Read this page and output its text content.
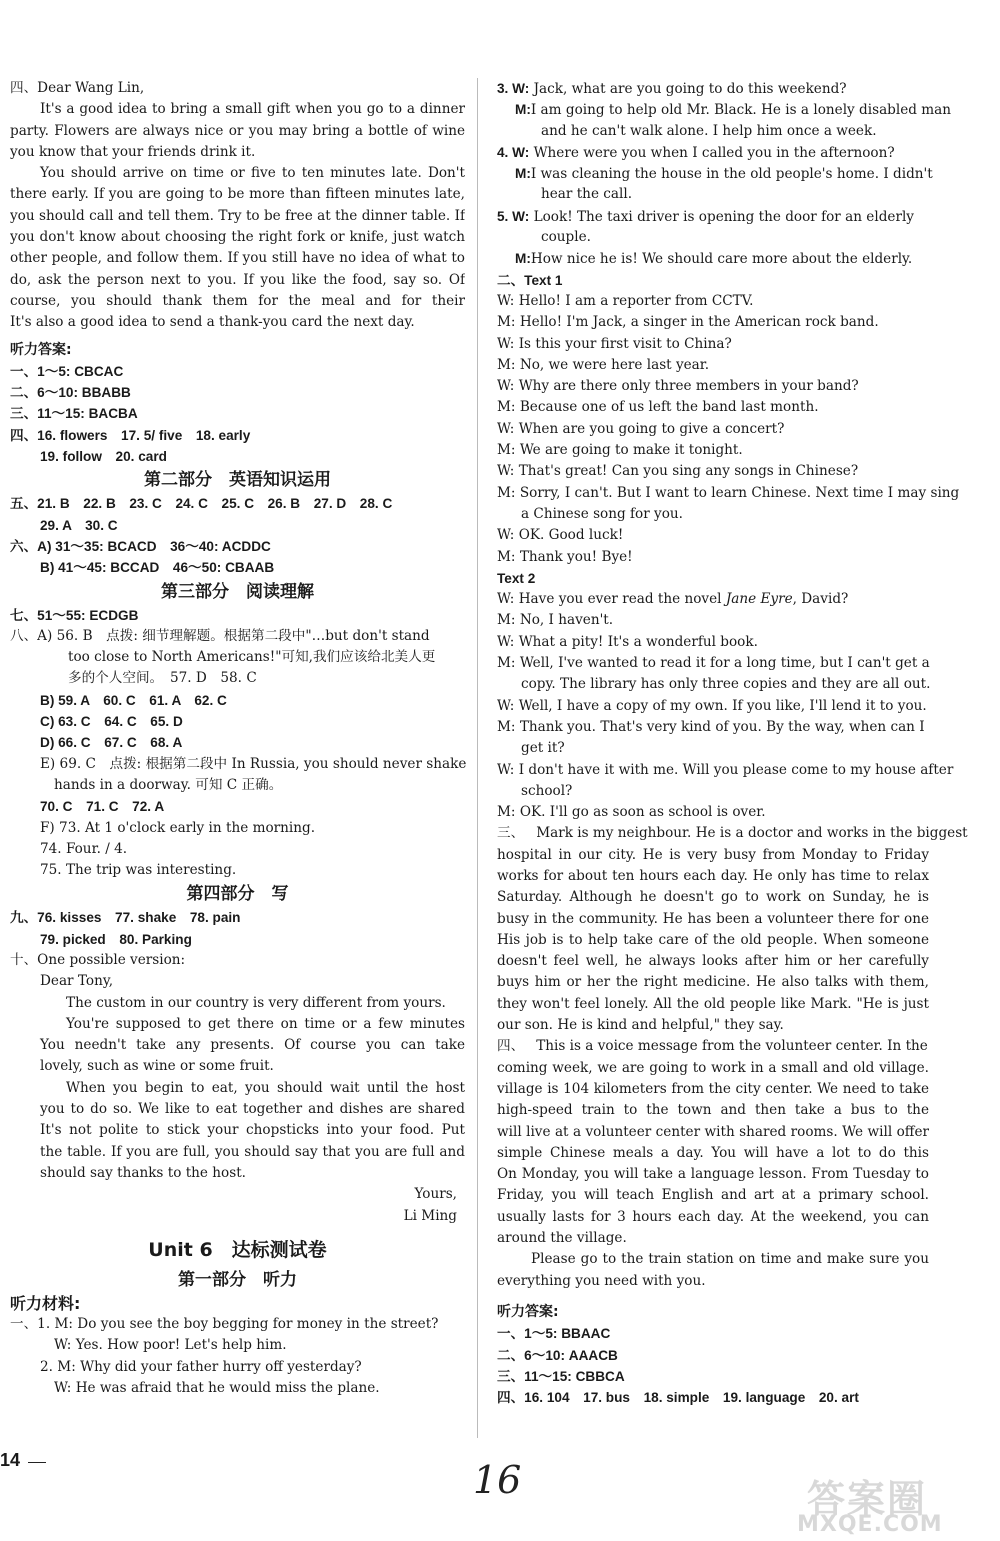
四、Dear Wang Lin,
It's a good idea to bring a small gift when you go to a dinner
party. Flowers are always nice or you may bring a bottle of wine
you know that your friends drink it.
You should arrive on time or five to ten minutes late. Don't
there early. If you are going to be more than fifteen minutes late,
you should call and tell them. Try to be free at the dinner table. If
you don't know about choosing the right fork or knife, just watch
other people, and follow them. If you still have no idea of what to
do, ask the person next to you. If you like the food, say so. Of
course, you should thank them for the meal and for their
It's also a good idea to send a thank-you card the next day.
听力答案:
一、1～5: CBCAC
二、6～10: BBABB
三、11～15: BACBA
四、16. flowers　17. 5/ five　18. early
19. follow　20. card
第二部分　英语知识运用
五、21. B　22. B　23. C　24. C　25. C　26. B　27. D　28. C
29. A　30. C
六、A) 31～35: BCACD　36～40: ACDDC
B) 41～45: BCCAD　46～50: CBAAB
第三部分　阅读理解
七、51～55: ECDGB
八、A) 56. B　点拨: 细节理解题。根据第二段中"…but don't stand
too close to North Americans!"可知,我们应该给北美人更
多的个人空间。　57. D　58. C
B) 59. A　60. C　61. A　62. C
C) 63. C　64. C　65. D
D) 66. C　67. C　68. A
E) 69. C　点拨: 根据第二段中 In Russia, you should never shake
hands in a doorway. 可知 C 正确。
70. C　71. C　72. A
F) 73. At 1 o'clock early in the morning.
74. Four. / 4.
75. The trip was interesting.
第四部分　写
九、76. kisses　77. shake　78. pain
79. picked　80. Parking
十、One possible version:
Dear Tony,
The custom in our country is very different from yours.
You're supposed to get there on time or a few minutes
You needn't take any presents. Of course you can take
lovely, such as wine or some fruit.
When you begin to eat, you should wait until the host
you to do so. We like to eat together and dishes are shared
It's not polite to stick your chopsticks into your food. Put
the table. If you are full, you should say that you are full and
should say thanks to the host.
Yours,
Li Ming
Unit 6　达标测试卷
第一部分　听力
听力材料:
一、1. M: Do you see the boy begging for money in the street?
W: Yes. How poor! Let's help him.
2. M: Why did your father hurry off yesterday?
W: He was afraid that he would miss the plane.
3. W: Jack, what are you going to do this weekend?
M:I am going to help old Mr. Black. He is a lonely disabled man
and he can't walk alone. I help him once a week.
4. W: Where were you when I called you in the afternoon?
M:I was cleaning the house in the old people's home. I didn't
hear the call.
5. W: Look! The taxi driver is opening the door for an elderly
couple.
M:How nice he is! We should care more about the elderly.
二、Text 1
W: Hello! I am a reporter from CCTV.
M: Hello! I'm Jack, a singer in the American rock band.
W: Is this your first visit to China?
M: No, we were here last year.
W: Why are there only three members in your band?
M: Because one of us left the band last month.
W: When are you going to give a concert?
M: We are going to make it tonight.
W: That's great! Can you sing any songs in Chinese?
M: Sorry, I can't. But I want to learn Chinese. Next time I may sing
a Chinese song for you.
W: OK. Good luck!
M: Thank you! Bye!
Text 2
W: Have you ever read the novel Jane Eyre, David?
M: No, I haven't.
W: What a pity! It's a wonderful book.
M: Well, I've wanted to read it for a long time, but I can't get a
copy. The library has only three copies and they are all out.
W: Well, I have a copy of my own. If you like, I'll lend it to you.
M: Thank you. That's very kind of you. By the way, when can I
get it?
W: I don't have it with me. Will you please come to my house after
school?
M: OK. I'll go as soon as school is over.
三、 Mark is my neighbour. He is a doctor and works in the biggest
hospital in our city. He is very busy from Monday to Friday
works for about ten hours each day. He only has time to relax
Saturday. Although he doesn't go to work on Sunday, he is
busy in the community. He has been a volunteer there for one
His job is to help take care of the old people. When someone
doesn't feel well, he always looks after him or her carefully
buys him or her the right medicine. He also talks with them,
they won't feel lonely. All the old people like Mark. "He is just
our son. He is kind and helpful," they say.
四、 This is a voice message from the volunteer center. In the
coming week, we are going to work in a small and old village.
village is 104 kilometers from the city center. We need to take
high-speed train to the town and then take a bus to the
will live at a volunteer center with shared rooms. We will offer
simple Chinese meals a day. You will have a lot to do this
On Monday, you will take a language lesson. From Tuesday to
Friday, you will teach English and art at a primary school.
usually lasts for 3 hours each day. At the weekend, you can
around the village.
Please go to the train station on time and make sure you
everything you need with you.
听力答案:
一、1～5: BBAAC
二、6～10: AAACB
三、11～15: CBBCA
四、16. 104　17. bus　18. simple　19. language　20. art
14	16	答案圈
MXQE.COM
